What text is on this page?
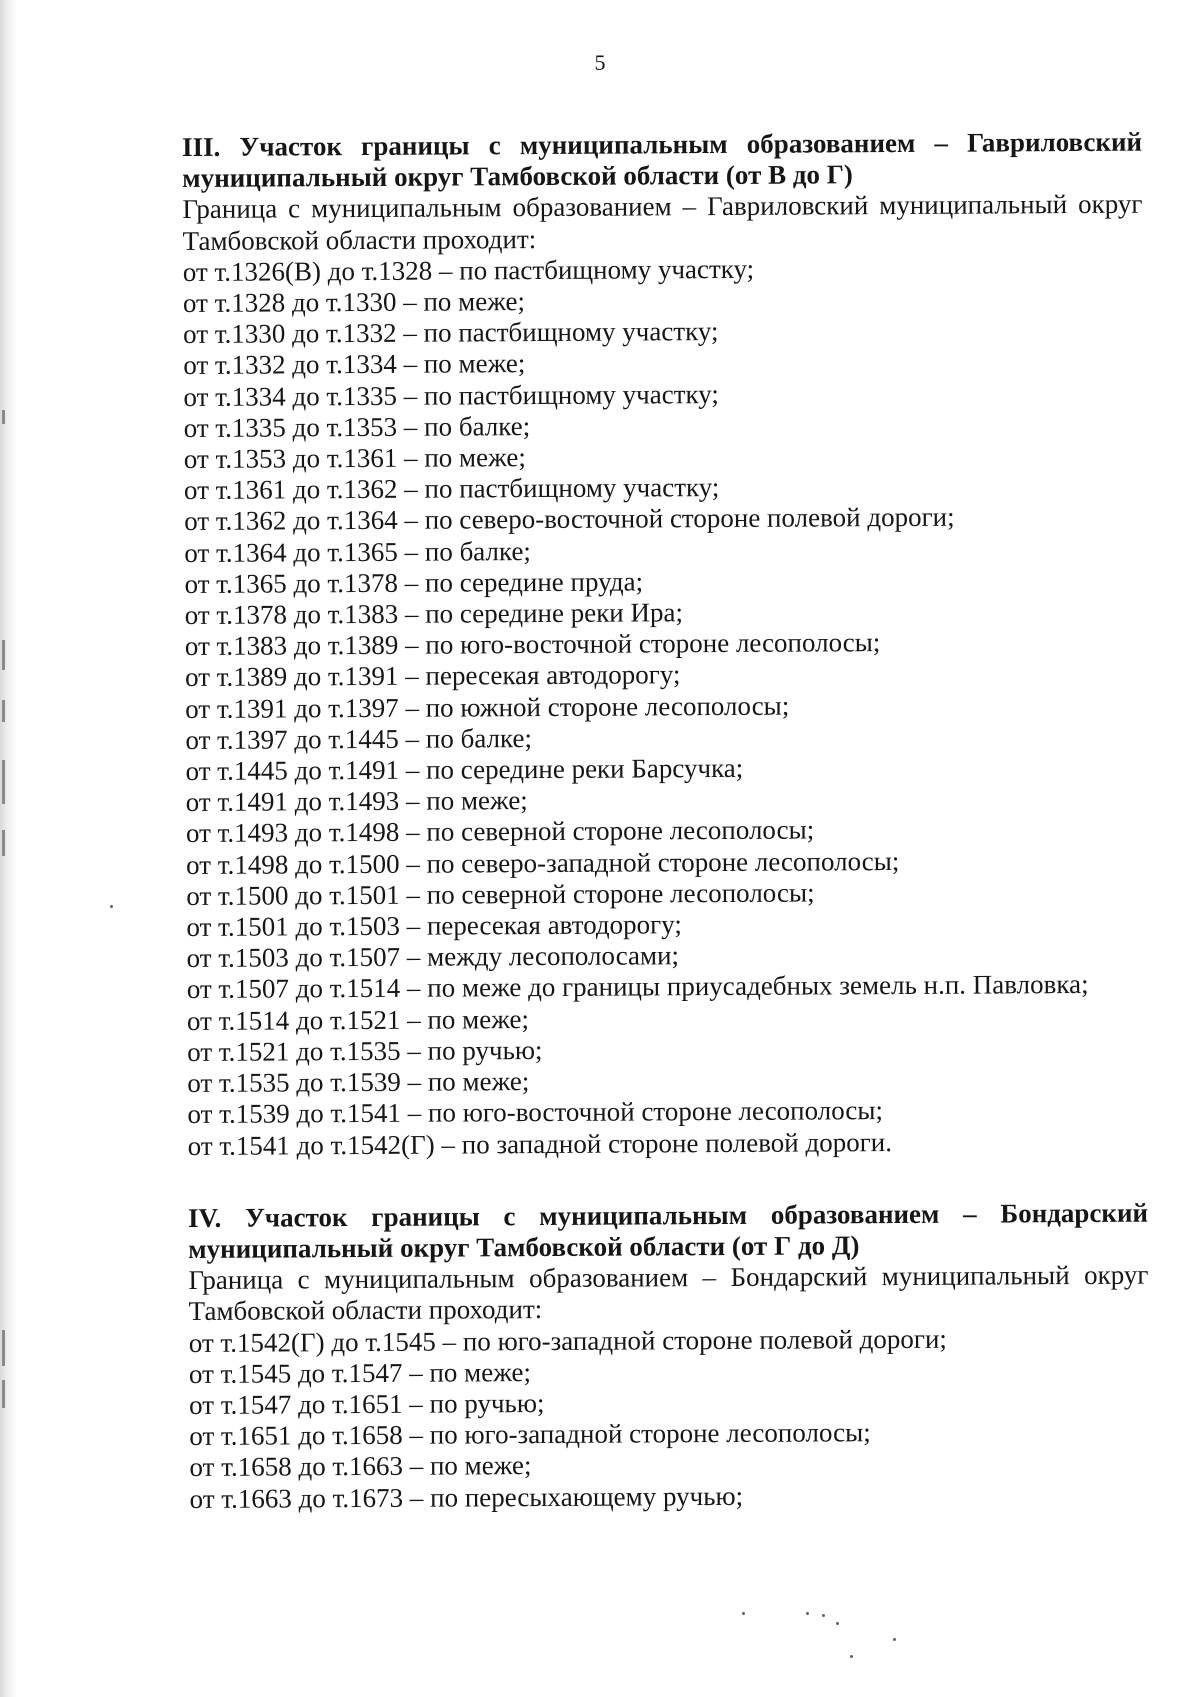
5
III. Участок границы с муниципальным образованием – Гавриловский муниципальный округ Тамбовской области (от В до Г)
Граница с муниципальным образованием – Гавриловский муниципальный округ Тамбовской области проходит:
от т.1326(В) до т.1328 – по пастбищному участку;
от т.1328 до т.1330 – по меже;
от т.1330 до т.1332 – по пастбищному участку;
от т.1332 до т.1334 – по меже;
от т.1334 до т.1335 – по пастбищному участку;
от т.1335 до т.1353 – по балке;
от т.1353 до т.1361 – по меже;
от т.1361 до т.1362 – по пастбищному участку;
от т.1362 до т.1364 – по северо-восточной стороне полевой дороги;
от т.1364 до т.1365 – по балке;
от т.1365 до т.1378 – по середине пруда;
от т.1378 до т.1383 – по середине реки Ира;
от т.1383 до т.1389 – по юго-восточной стороне лесополосы;
от т.1389 до т.1391 – пересекая автодорогу;
от т.1391 до т.1397 – по южной стороне лесополосы;
от т.1397 до т.1445 – по балке;
от т.1445 до т.1491 – по середине реки Барсучка;
от т.1491 до т.1493 – по меже;
от т.1493 до т.1498 – по северной стороне лесополосы;
от т.1498 до т.1500 – по северо-западной стороне лесополосы;
от т.1500 до т.1501 – по северной стороне лесополосы;
от т.1501 до т.1503 – пересекая автодорогу;
от т.1503 до т.1507 – между лесополосами;
от т.1507 до т.1514 – по меже до границы приусадебных земель н.п. Павловка;
от т.1514 до т.1521 – по меже;
от т.1521 до т.1535 – по ручью;
от т.1535 до т.1539 – по меже;
от т.1539 до т.1541 – по юго-восточной стороне лесополосы;
от т.1541 до т.1542(Г) – по западной стороне полевой дороги.
IV. Участок границы с муниципальным образованием – Бондарский муниципальный округ Тамбовской области (от Г до Д)
Граница с муниципальным образованием – Бондарский муниципальный округ Тамбовской области проходит:
от т.1542(Г) до т.1545 – по юго-западной стороне полевой дороги;
от т.1545 до т.1547 – по меже;
от т.1547 до т.1651 – по ручью;
от т.1651 до т.1658 – по юго-западной стороне лесополосы;
от т.1658 до т.1663 – по меже;
от т.1663 до т.1673 – по пересыхающему ручью;
